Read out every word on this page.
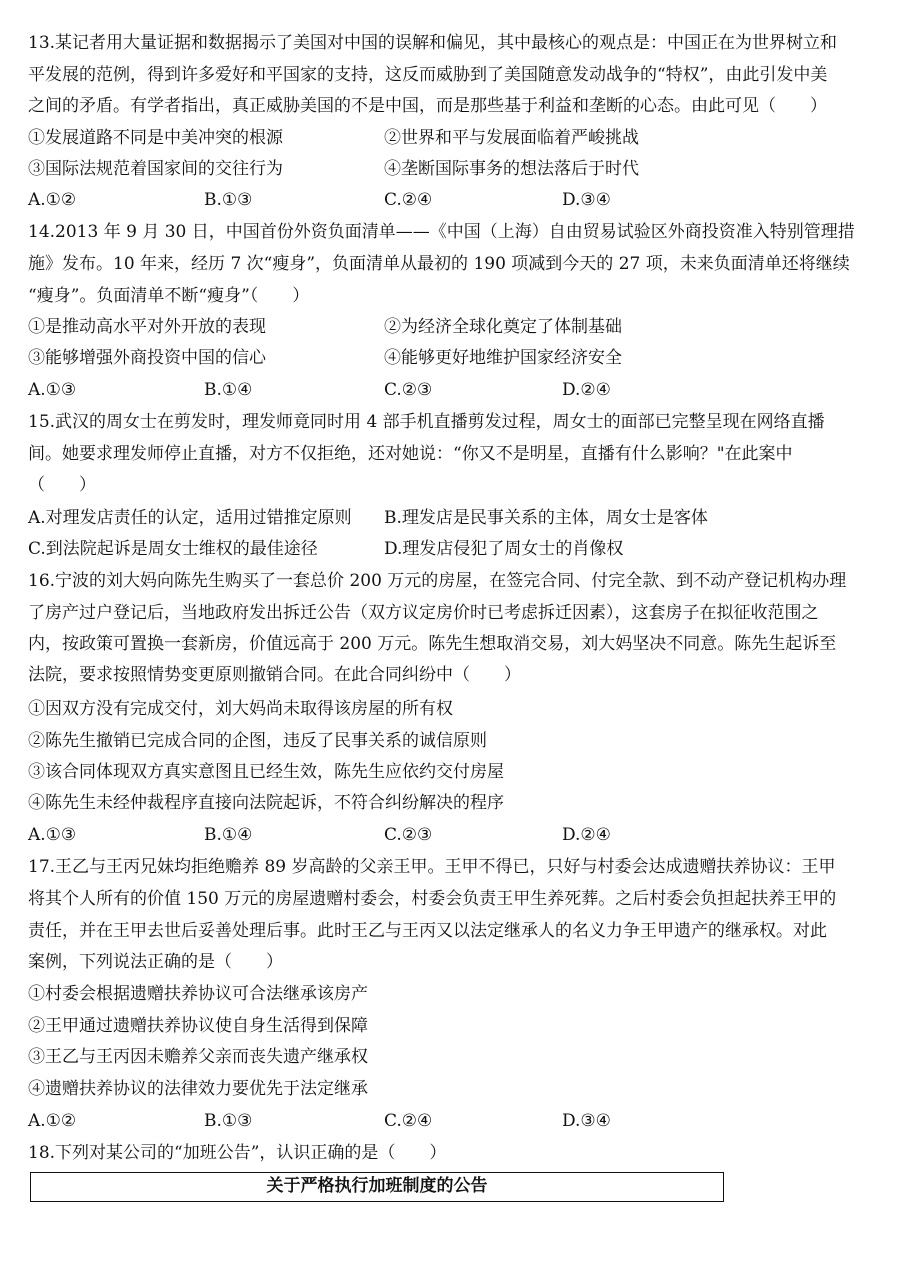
13.某记者用大量证据和数据揭示了美国对中国的误解和偏见，其中最核心的观点是：中国正在为世界树立和
平发展的范例，得到许多爱好和平国家的支持，这反而威胁到了美国随意发动战争的“特权”，由此引发中美
之间的矛盾。有学者指出，真正威胁美国的不是中国，而是那些基于利益和垄断的心态。由此可见（　　）
①发展道路不同是中美冲突的根源	②世界和平与发展面临着严峻挑战
③国际法规范着国家间的交往行为	④垄断国际事务的想法落后于时代
A.①②	B.①③	C.②④	D.③④
14.2013 年 9 月 30 日，中国首份外资负面清单——《中国（上海）自由贸易试验区外商投资准入特别管理措
施》发布。10 年来，经历 7 次“瘦身”，负面清单从最初的 190 项减到今天的 27 项，未来负面清单还将继续
“瘦身”。负面清单不断“瘦身”（　　）
①是推动高水平对外开放的表现	②为经济全球化奠定了体制基础
③能够增强外商投资中国的信心	④能够更好地维护国家经济安全
A.①③	B.①④	C.②③	D.②④
15.武汉的周女士在剪发时，理发师竟同时用 4 部手机直播剪发过程，周女士的面部已完整呈现在网络直播
间。她要求理发师停止直播，对方不仅拒绝，还对她说：“你又不是明星，直播有什么影响？"在此案中
（　　）
A.对理发店责任的认定，适用过错推定原则 B.理发店是民事关系的主体，周女士是客体
C.到法院起诉是周女士维权的最佳途径	D.理发店侵犯了周女士的肖像权
16.宁波的刘大妈向陈先生购买了一套总价 200 万元的房屋，在签完合同、付完全款、到不动产登记机构办理
了房产过户登记后，当地政府发出拆迁公告（双方议定房价时已考虑拆迁因素），这套房子在拟征收范围之
内，按政策可置换一套新房，价值远高于 200 万元。陈先生想取消交易，刘大妈坚决不同意。陈先生起诉至
法院，要求按照情势变更原则撤销合同。在此合同纠纷中（　　）
①因双方没有完成交付，刘大妈尚未取得该房屋的所有权
②陈先生撤销已完成合同的企图，违反了民事关系的诚信原则
③该合同体现双方真实意图且已经生效，陈先生应依约交付房屋
④陈先生未经仲裁程序直接向法院起诉，不符合纠纷解决的程序
A.①③	B.①④	C.②③	D.②④
17.王乙与王丙兄妹均拒绝赡养 89 岁高龄的父亲王甲。王甲不得已，只好与村委会达成遗赠扶养协议：王甲
将其个人所有的价值 150 万元的房屋遗赠村委会，村委会负责王甲生养死葬。之后村委会负担起扶养王甲的
责任，并在王甲去世后妥善处理后事。此时王乙与王丙又以法定继承人的名义力争王甲遗产的继承权。对此
案例，下列说法正确的是（　　）
①村委会根据遗赠扶养协议可合法继承该房产
②王甲通过遗赠扶养协议使自身生活得到保障
③王乙与王丙因未赡养父亲而丧失遗产继承权
④遗赠扶养协议的法律效力要优先于法定继承
A.①②	B.①③	C.②④	D.③④
18.下列对某公司的“加班公告”，认识正确的是（　　）
关于严格执行加班制度的公告
